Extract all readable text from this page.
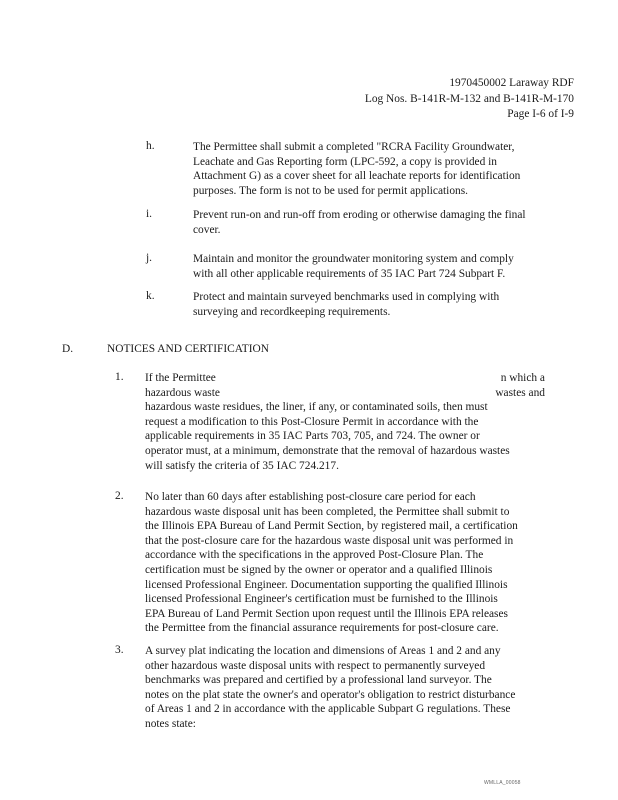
1970450002 Laraway RDF
Log Nos. B-141R-M-132 and B-141R-M-170
Page I-6 of I-9
h.	The Permittee shall submit a completed "RCRA Facility Groundwater,
Leachate and Gas Reporting form (LPC-592, a copy is provided in
Attachment G) as a cover sheet for all leachate reports for identification
purposes. The form is not to be used for permit applications.
i.	Prevent run-on and run-off from eroding or otherwise damaging the final
cover.
j.	Maintain and monitor the groundwater monitoring system and comply
with all other applicable requirements of 35 IAC Part 724 Subpart F.
k.	Protect and maintain surveyed benchmarks used in complying with
surveying and recordkeeping requirements.
D.	NOTICES AND CERTIFICATION
1. If the Permittee	n which a
hazardous waste	wastes and
hazardous waste residues, the liner, if any, or contaminated soils, then must
request a modification to this Post-Closure Permit in accordance with the
applicable requirements in 35 IAC Parts 703, 705, and 724. The owner or
operator must, at a minimum, demonstrate that the removal of hazardous wastes
will satisfy the criteria of 35 IAC 724.217.
2. No later than 60 days after establishing post-closure care period for each
hazardous waste disposal unit has been completed, the Permittee shall submit to
the Illinois EPA Bureau of Land Permit Section, by registered mail, a certification
that the post-closure care for the hazardous waste disposal unit was performed in
accordance with the specifications in the approved Post-Closure Plan. The
certification must be signed by the owner or operator and a qualified Illinois
licensed Professional Engineer. Documentation supporting the qualified Illinois
licensed Professional Engineer's certification must be furnished to the Illinois
EPA Bureau of Land Permit Section upon request until the Illinois EPA releases
the Permittee from the financial assurance requirements for post-closure care.
3. A survey plat indicating the location and dimensions of Areas 1 and 2 and any
other hazardous waste disposal units with respect to permanently surveyed
benchmarks was prepared and certified by a professional land surveyor. The
notes on the plat state the owner's and operator's obligation to restrict disturbance
of Areas 1 and 2 in accordance with the applicable Subpart G regulations. These
notes state:
WMLLA_00058
